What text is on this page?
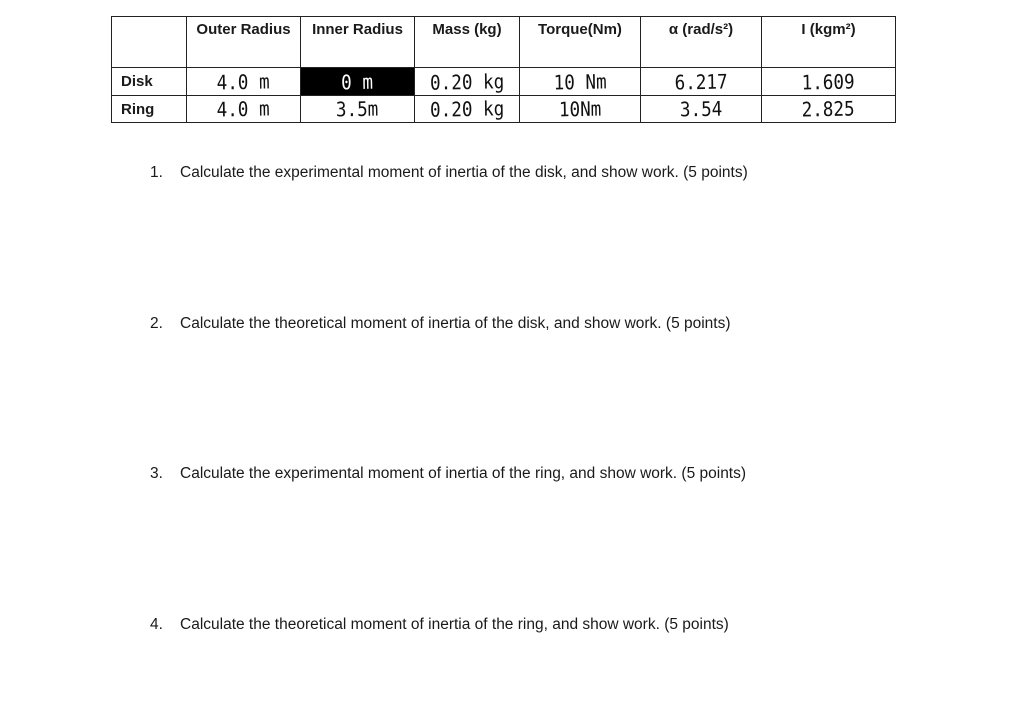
	Outer Radius	Inner Radius	Mass (kg)	Torque(Nm)	α (rad/s²)	I (kgm²)
Disk	4.0 m	0 m	0.20 kg	10 Nm	6.217	1.609
Ring	4.0 m	3.5m	0.20 kg	10Nm	3.54	2.825
1. Calculate the experimental moment of inertia of the disk, and show work. (5 points)
2. Calculate the theoretical moment of inertia of the disk, and show work. (5 points)
3. Calculate the experimental moment of inertia of the ring, and show work. (5 points)
4. Calculate the theoretical moment of inertia of the ring, and show work. (5 points)
